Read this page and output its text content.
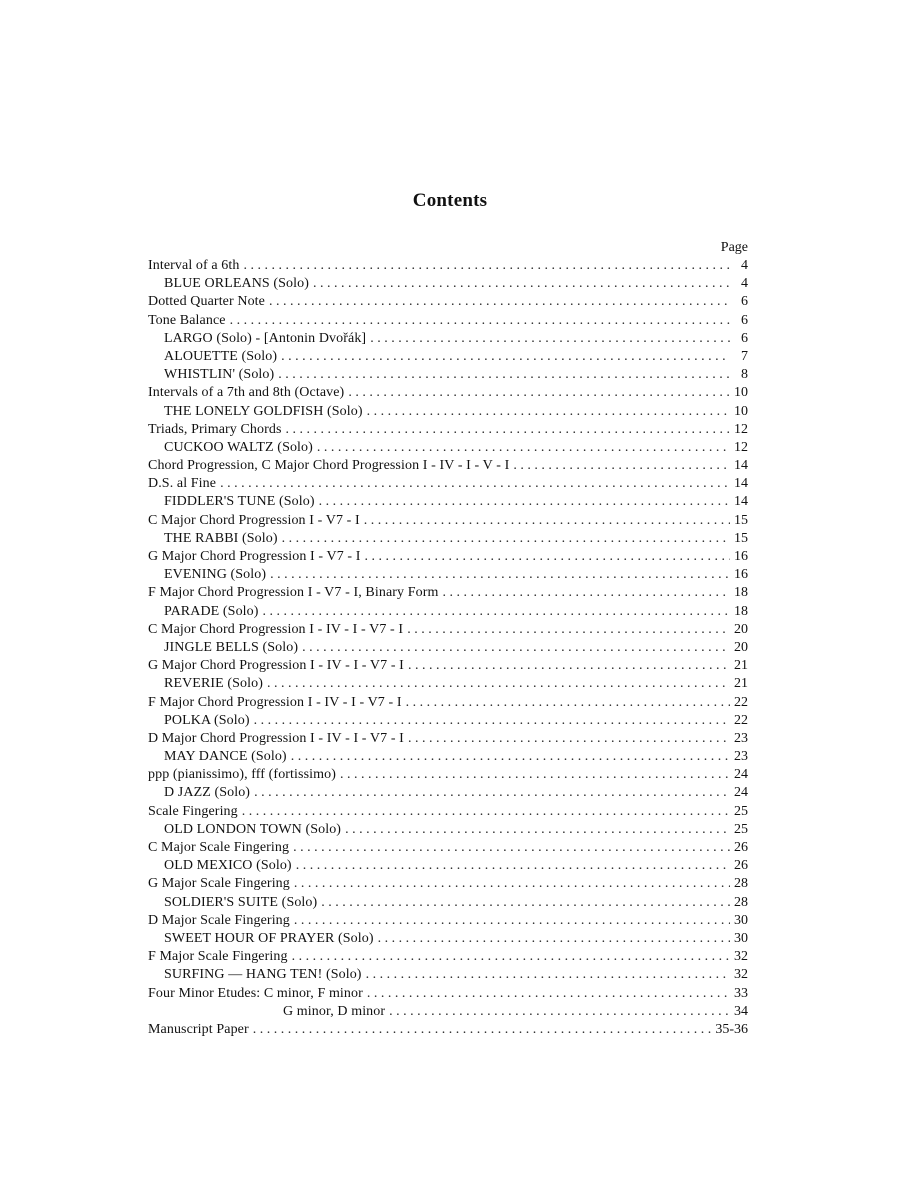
Contents
Page
Interval of a 6th . . .	4
BLUE ORLEANS (Solo) . . .	4
Dotted Quarter Note . . .	6
Tone Balance . . .	6
LARGO (Solo) - [Antonin Dvořák] . . .	6
ALOUETTE (Solo) . . .	7
WHISTLIN' (Solo) . . .	8
Intervals of a 7th and 8th (Octave) . . .	10
THE LONELY GOLDFISH (Solo) . . .	10
Triads, Primary Chords . . .	12
CUCKOO WALTZ (Solo) . . .	12
Chord Progression, C Major Chord Progression I - IV - I - V - I . . .	14
D.S. al Fine . . .	14
FIDDLER'S TUNE (Solo) . . .	14
C Major Chord Progression I - V7 - I . . .	15
THE RABBI (Solo) . . .	15
G Major Chord Progression I - V7 - I . . .	16
EVENING (Solo) . . .	16
F Major Chord Progression I - V7 - I, Binary Form . . .	18
PARADE (Solo) . . .	18
C Major Chord Progression I - IV - I - V7 - I . . .	20
JINGLE BELLS (Solo) . . .	20
G Major Chord Progression I - IV - I - V7 - I . . .	21
REVERIE (Solo) . . .	21
F Major Chord Progression I - IV - I - V7 - I . . .	22
POLKA (Solo) . . .	22
D Major Chord Progression I - IV - I - V7 - I . . .	23
MAY DANCE (Solo) . . .	23
ppp (pianissimo), fff (fortissimo) . . .	24
D JAZZ (Solo) . . .	24
Scale Fingering . . .	25
OLD LONDON TOWN (Solo) . . .	25
C Major Scale Fingering . . .	26
OLD MEXICO (Solo) . . .	26
G Major Scale Fingering . . .	28
SOLDIER'S SUITE (Solo) . . .	28
D Major Scale Fingering . . .	30
SWEET HOUR OF PRAYER (Solo) . . .	30
F Major Scale Fingering . . .	32
SURFING — HANG TEN! (Solo) . . .	32
Four Minor Etudes: C minor, F minor . . .	33
G minor, D minor . . .	34
Manuscript Paper . . .	35-36
